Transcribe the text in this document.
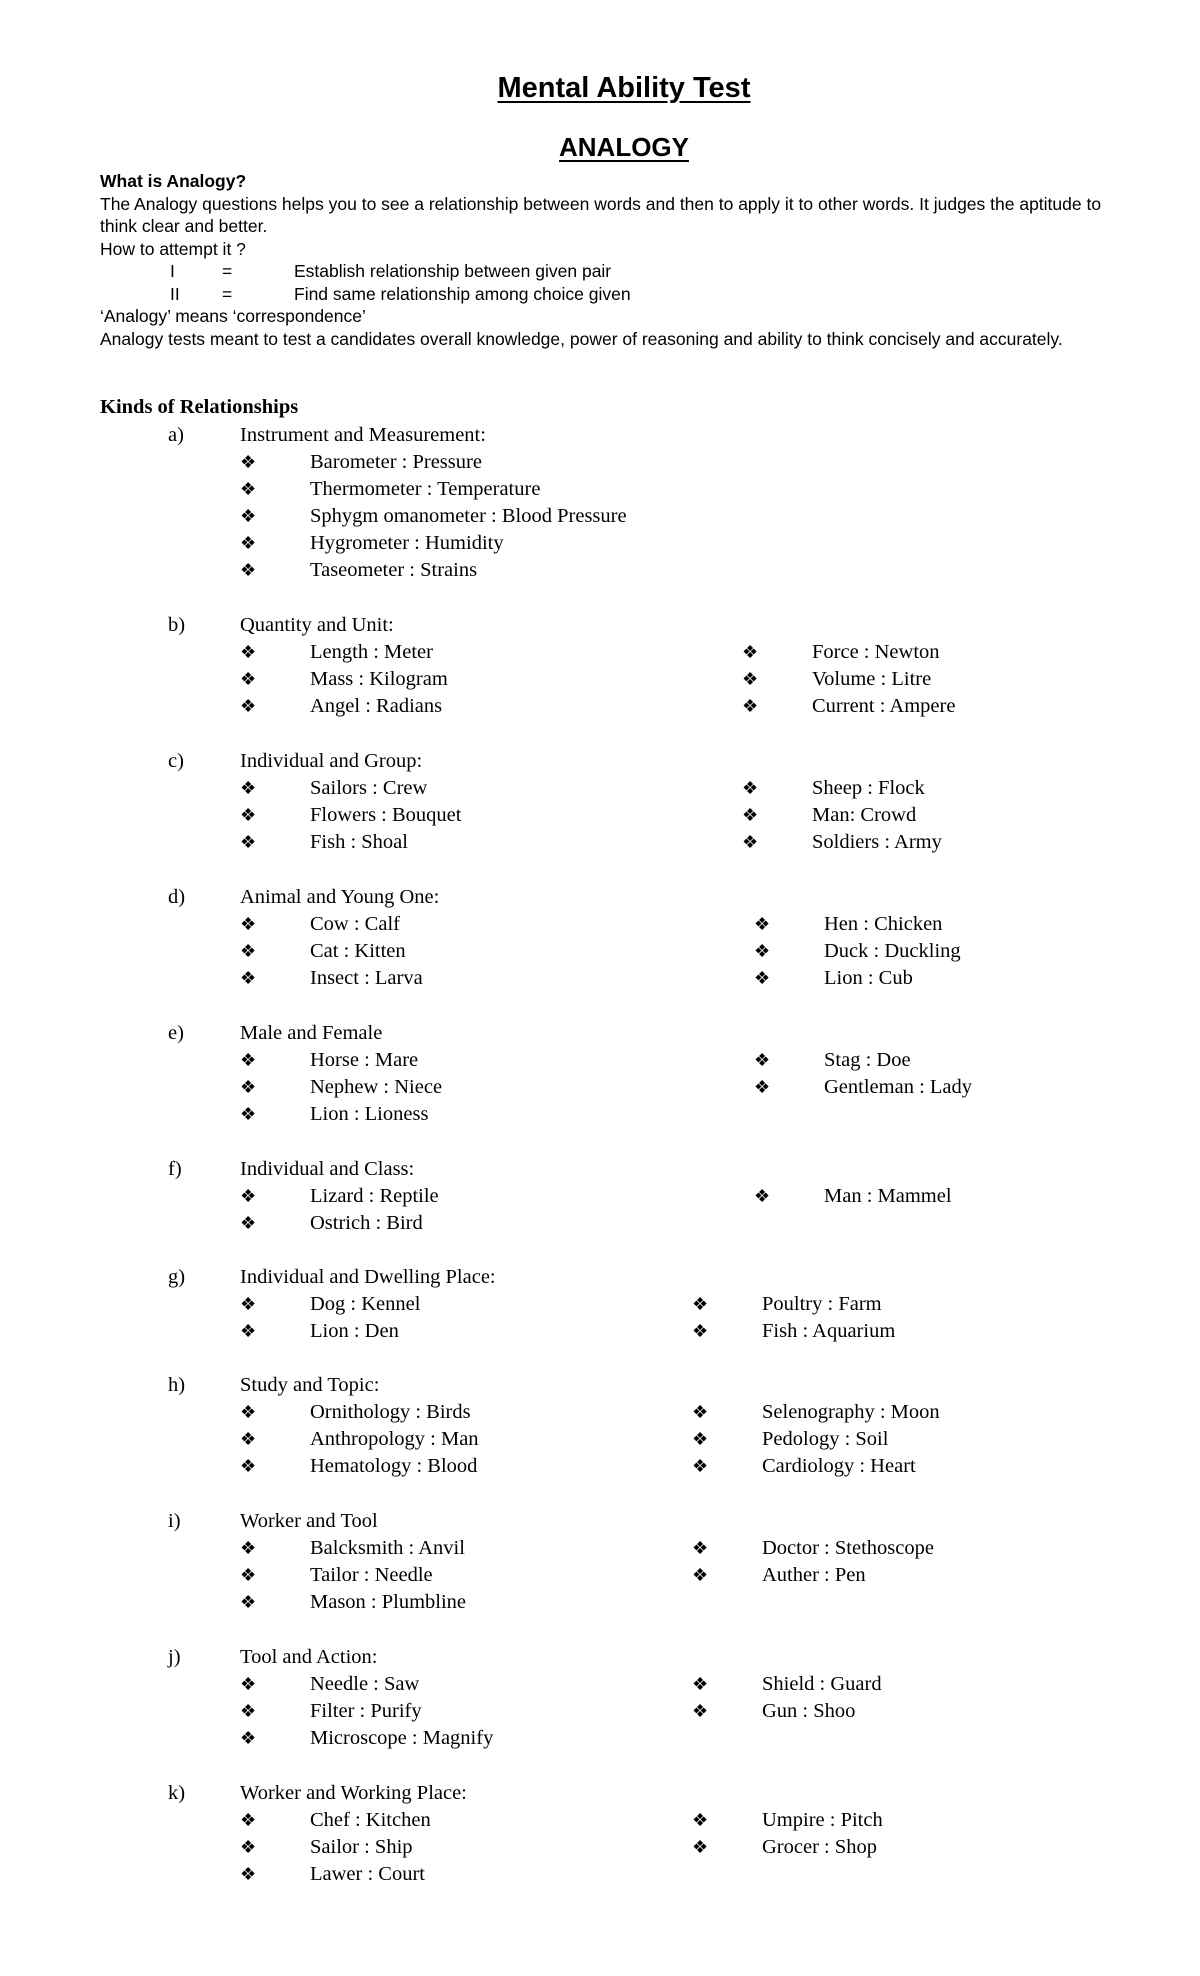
Mental Ability Test
ANALOGY

What is Analogy?

The Analogy questions helps you to see a relationship between words and then to apply it to other words. It judges the aptitude to think clear and better.

How to attempt it ?

I	=	Establish relationship between given pair
II	=	Find same relationship among choice given

‘Analogy’ means ‘correspondence’

Analogy tests meant to test a candidates overall knowledge, power of reasoning and ability to think concisely and accurately.

Kinds of Relationships
a)	Instrument and Measurement:
❖	Barometer : Pressure
❖	Thermometer : Temperature
❖	Sphygm omanometer : Blood Pressure
❖	Hygrometer : Humidity
❖	Taseometer : Strains
b)	Quantity and Unit:
❖	Length : Meter
❖	Mass : Kilogram
❖	Angel : Radians
❖	Force : Newton
❖	Volume : Litre
❖	Current : Ampere
c)	Individual and Group:
❖	Sailors : Crew
❖	Flowers : Bouquet
❖	Fish : Shoal
❖	Sheep : Flock
❖	Man: Crowd
❖	Soldiers : Army
d)	Animal and Young One:
❖	Cow : Calf
❖	Cat : Kitten
❖	Insect : Larva
❖	Hen : Chicken
❖	Duck : Duckling
❖	Lion : Cub
e)	Male and Female
❖	Horse : Mare
❖	Nephew : Niece
❖	Lion : Lioness
❖	Stag : Doe
❖	Gentleman : Lady
f)	Individual and Class:
❖	Lizard : Reptile
❖	Ostrich : Bird
❖	Man : Mammel
g)	Individual and Dwelling Place:
❖	Dog : Kennel
❖	Lion : Den
❖	Poultry : Farm
❖	Fish : Aquarium
h)	Study and Topic:
❖	Ornithology : Birds
❖	Anthropology : Man
❖	Hematology : Blood
❖	Selenography : Moon
❖	Pedology : Soil
❖	Cardiology : Heart
i)	Worker and Tool
❖	Balcksmith : Anvil
❖	Tailor : Needle
❖	Mason : Plumbline
❖	Doctor : Stethoscope
❖	Auther : Pen
j)	Tool and Action:
❖	Needle : Saw
❖	Filter : Purify
❖	Microscope : Magnify
❖	Shield : Guard
❖	Gun : Shoo
k)	Worker and Working Place:
❖	Chef : Kitchen
❖	Sailor : Ship
❖	Lawer : Court
❖	Umpire : Pitch
❖	Grocer : Shop
